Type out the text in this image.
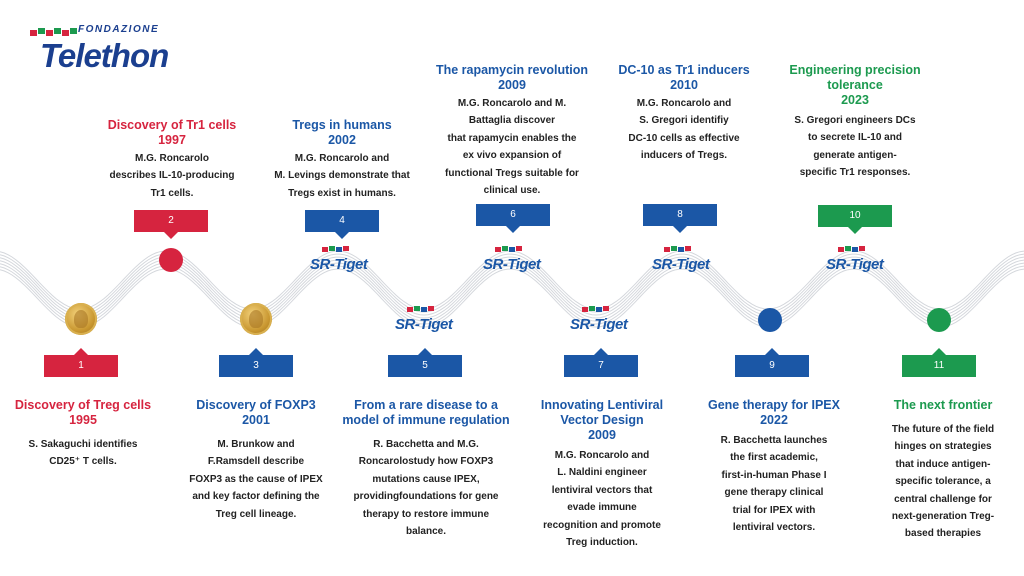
FONDAZIONE
Telethon
1
Discovery of Treg cells
1995
S. Sakaguchi identifies
CD25⁺ T cells.
Discovery of Tr1 cells
1997
M.G. Roncarolo
describes IL-10-producing
Tr1 cells.
2
3
Discovery of FOXP3
2001
M. Brunkow and
F.Ramsdell describe
FOXP3 as the cause of IPEX
and key factor defining the
Treg cell lineage.
Tregs in humans
2002
M.G. Roncarolo and
M. Levings demonstrate that
Tregs exist in humans.
4
SR-Tiget
SR-Tiget
5
From a rare disease to a
model of immune regulation
R. Bacchetta and M.G.
Roncarolostudy how FOXP3
mutations cause IPEX,
providingfoundations for gene
therapy to restore immune
balance.
The rapamycin revolution
2009
M.G. Roncarolo and M.
Battaglia discover
that rapamycin enables the
ex vivo expansion of
functional Tregs suitable for
clinical use.
6
SR-Tiget
SR-Tiget
7
Innovating Lentiviral
Vector Design
2009
M.G. Roncarolo and
L. Naldini engineer
lentiviral vectors that
evade immune
recognition and promote
Treg induction.
DC-10 as Tr1 inducers
2010
M.G. Roncarolo and
S. Gregori identifiy
DC-10 cells as effective
inducers of Tregs.
8
SR-Tiget
9
Gene therapy for IPEX
2022
R. Bacchetta launches
the first academic,
first-in-human Phase I
gene therapy clinical
trial for IPEX with
lentiviral vectors.
Engineering precision
tolerance
2023
S. Gregori engineers DCs
to secrete IL-10 and
generate antigen-
specific Tr1 responses.
10
SR-Tiget
11
The next frontier
The future of the field
hinges on strategies
that induce antigen-
specific tolerance, a
central challenge for
next-generation Treg-
based therapies
